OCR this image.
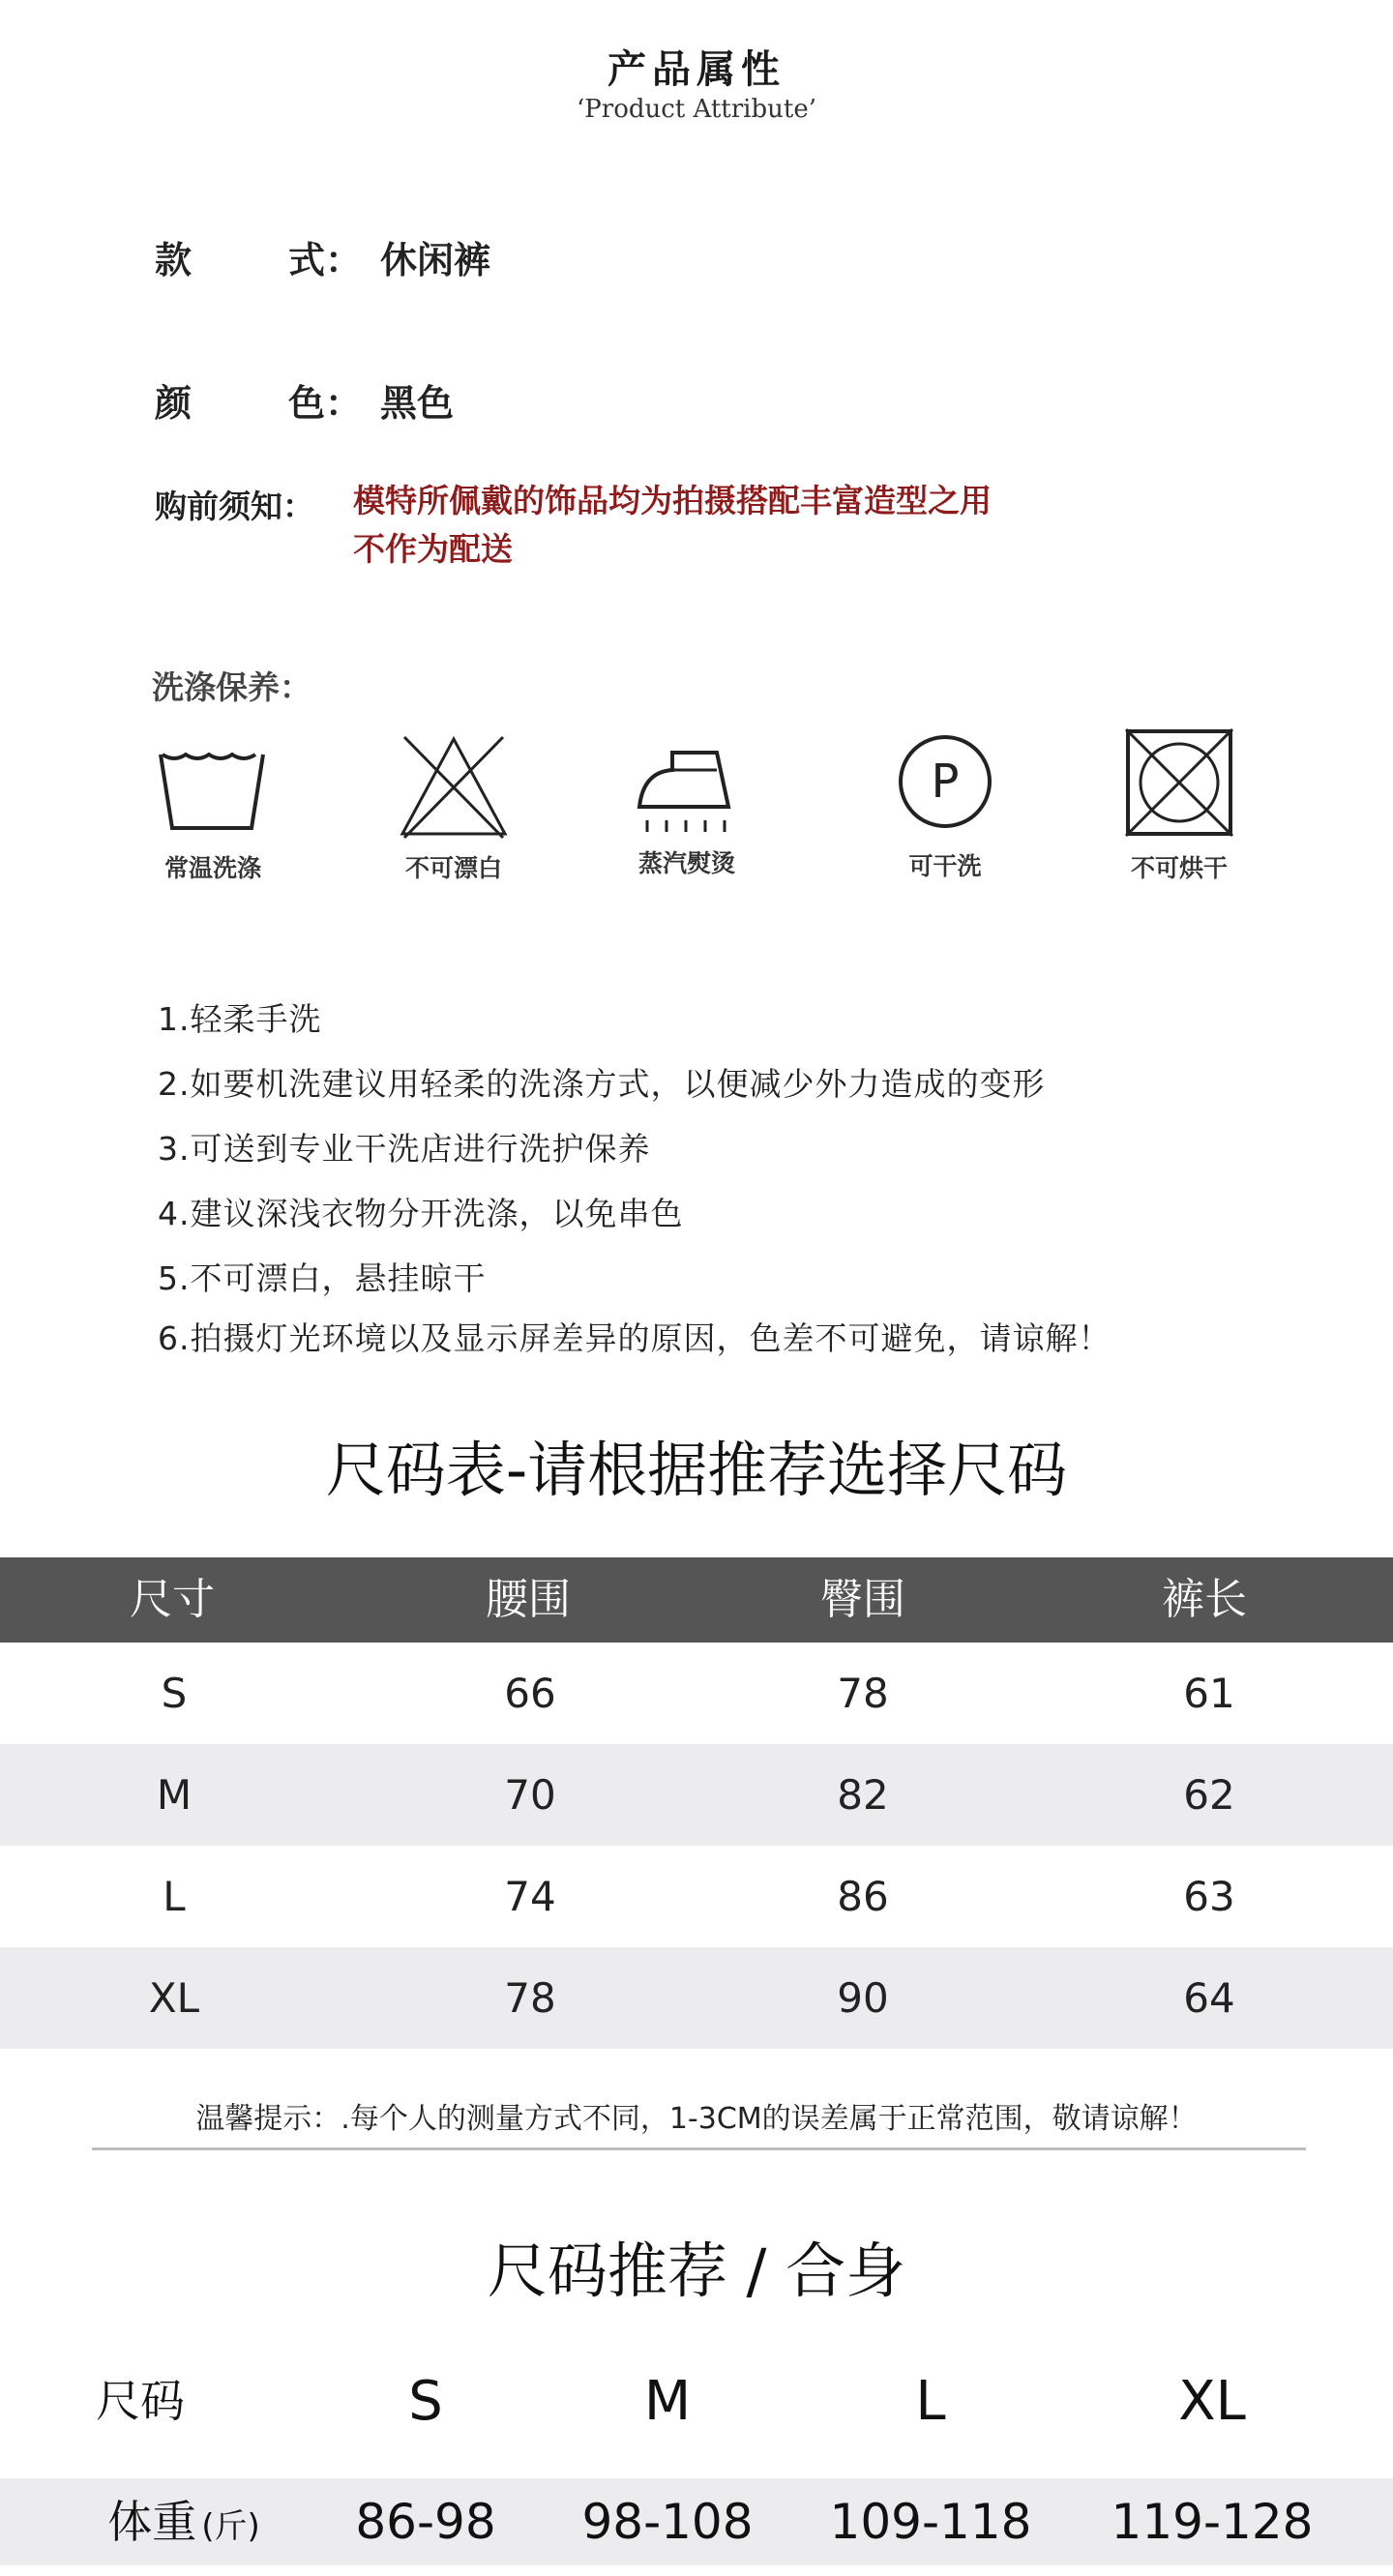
产品属性
‘Product Attribute’
款	式： 休闲裤
颜	色： 黑色
购前须知： 模特所佩戴的饰品均为拍摄搭配丰富造型之用
不作为配送
洗涤保养：
常温洗涤	不可漂白	蒸汽熨烫
P
可干洗	不可烘干
1.轻柔手洗
2.如要机洗建议用轻柔的洗涤方式，以便减少外力造成的变形
3.可送到专业干洗店进行洗护保养
4.建议深浅衣物分开洗涤，以免串色
5.不可漂白，悬挂晾干
6.拍摄灯光环境以及显示屏差异的原因，色差不可避免，请谅解！
尺码表-请根据推荐选择尺码
尺寸	腰围	臀围	裤长
S	66	78	61
M	70	82	62
L	74	86	63
XL	78	90	64
温馨提示：.每个人的测量方式不同，1-3CM的误差属于正常范围，敬请谅解！
尺码推荐 / 合身
尺码	S	M	L	XL
体重 (斤) 86-98 98-108 109-118 119-128
